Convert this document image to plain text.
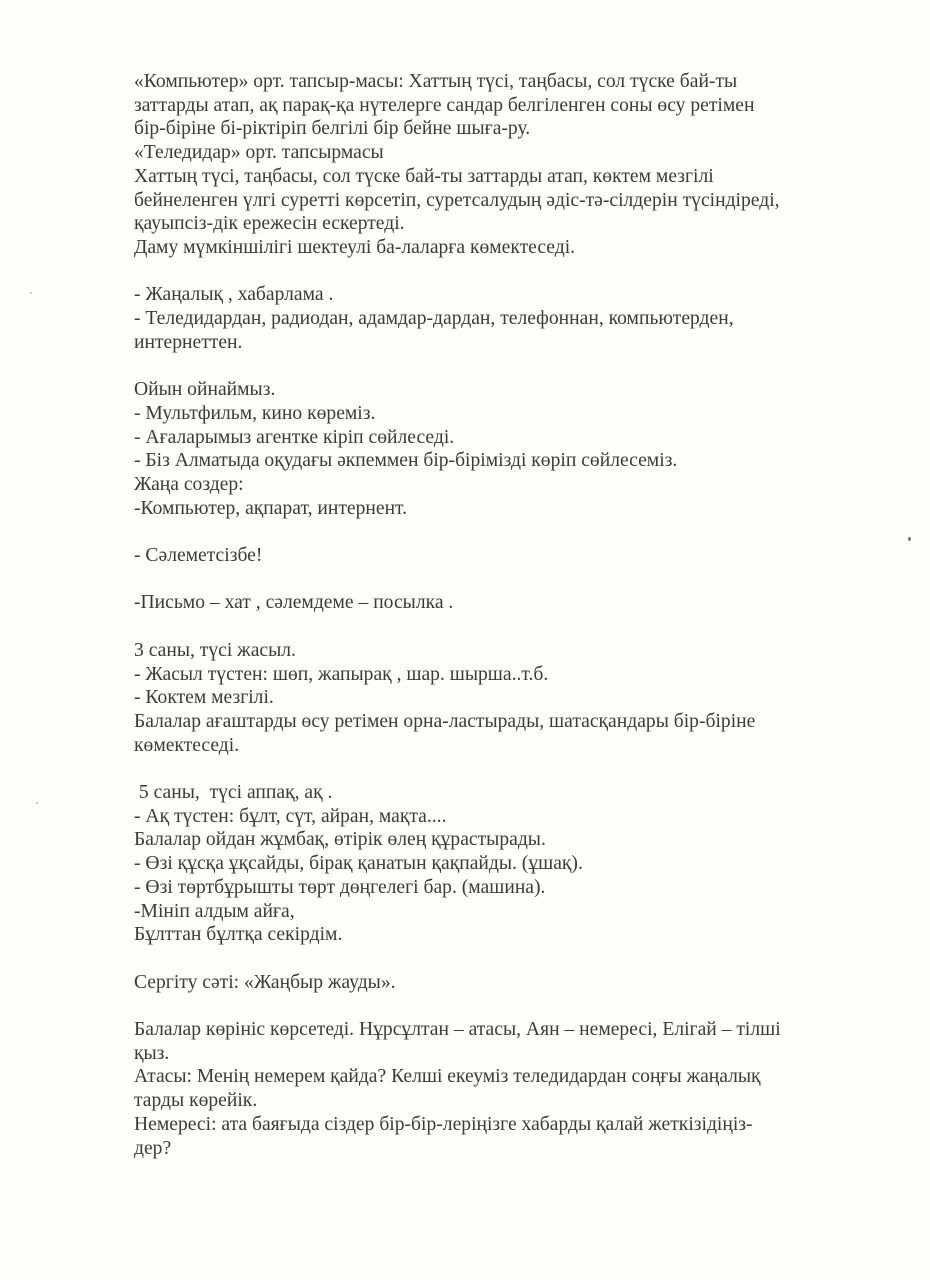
«Компьютер» орт. тапсыр-масы: Хаттың түсі, таңбасы, сол түске бай-ты
заттарды атап, ақ парақ-қа нүтелерге сандар белгіленген соны өсу ретімен
бір-біріне бі-ріктіріп белгілі бір бейне шыға-ру.
«Теледидар» орт. тапсырмасы
Хаттың түсі, таңбасы, сол түске бай-ты заттарды атап, көктем мезгілі
бейнеленген үлгі суретті көрсетіп, суретсалудың әдіс-тә-сілдерін түсіндіреді,
қауыпсіз-дік ережесін ескертеді.
Даму мүмкіншілігі шектеулі ба-лаларға көмектеседі.
- Жаңалық , хабарлама .
- Теледидардан, радиодан, адамдар-дардан, телефоннан, компьютерден,
интернеттен.
Ойын ойнаймыз.
- Мультфильм, кино көреміз.
- Ағаларымыз агентке кіріп сөйлеседі.
- Біз Алматыда оқудағы әкпеммен бір-бірімізді көріп сөйлесеміз.
Жаңа создер:
-Компьютер, ақпарат, интернент.
- Сәлеметсізбе!
-Письмо – хат , сәлемдеме – посылка .
3 саны, түсі жасыл.
- Жасыл түстен: шөп, жапырақ , шар. шырша..т.б.
- Коктем мезгілі.
Балалар ағаштарды өсу ретімен орна-ластырады, шатасқандары бір-біріне
көмектеседі.
5 саны,  түсі аппақ, ақ .
- Ақ түстен: бұлт, сүт, айран, мақта....
Балалар ойдан жұмбақ, өтірік өлең құрастырады.
- Өзі құсқа ұқсайды, бірақ қанатын қақпайды. (ұшақ).
- Өзі төртбұрышты төрт дөңгелегі бар. (машина).
-Мініп алдым айға,
Бұлттан бұлтқа секірдім.
Сергіту сәті: «Жаңбыр жауды».
Балалар көрініс көрсетеді. Нұрсұлтан – атасы, Аян – немересі, Елігай – тілші
қыз.
Атасы: Менің немерем қайда? Келші екеуміз теледидардан соңғы жаңалық
тарды көрейік.
Немересі: ата баяғыда сіздер бір-бір-леріңізге хабарды қалай жеткізідіңіз-
дер?
